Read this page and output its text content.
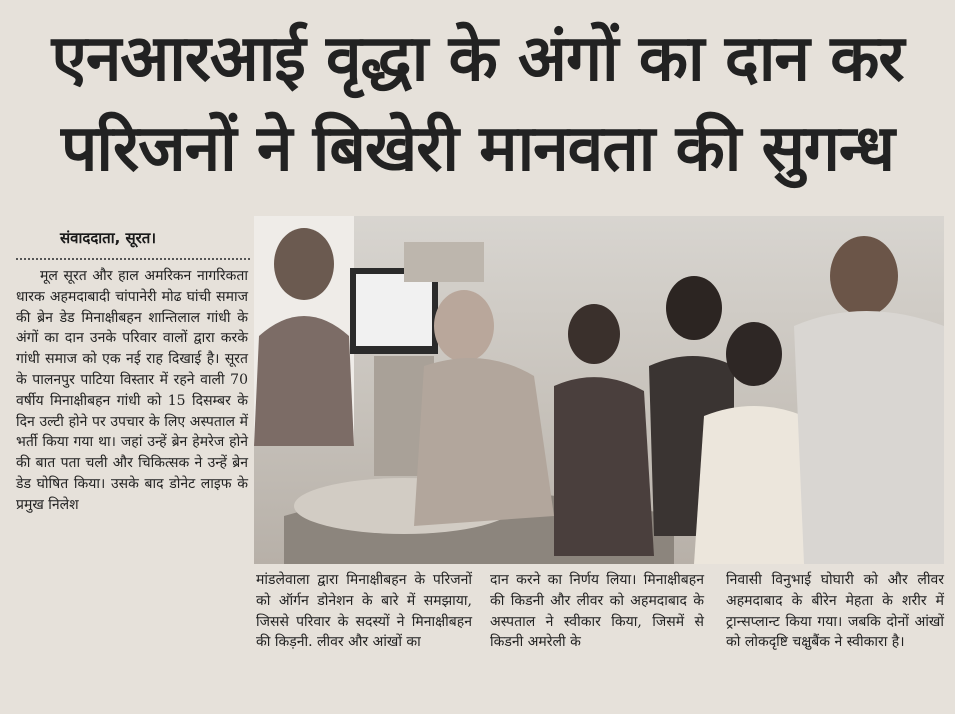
एनआरआई वृद्धा के अंगों का दान कर
परिजनों ने बिखेरी मानवता की सुगन्ध
संवाददाता, सूरत।
मूल सूरत और हाल अमरिकन नागरिकता धारक अहमदाबादी चांपानेरी मोढ घांची समाज की ब्रेन डेड मिनाक्षीबहन शान्तिलाल गांधी के अंगों का दान उनके परिवार वालों द्वारा करके गांधी समाज को एक नई राह दिखाई है। सूरत के पालनपुर पाटिया विस्तार में रहने वाली 70 वर्षीय मिनाक्षीबहन गांधी को 15 दिसम्बर के दिन उल्टी होने पर उपचार के लिए अस्पताल में भर्ती किया गया था। जहां उन्हें ब्रेन हेमरेज होने की बात पता चली और चिकित्सक ने उन्हें ब्रेन डेड घोषित किया। उसके बाद डोनेट लाइफ के प्रमुख निलेश
मांडलेवाला द्वारा मिनाक्षीबहन के परिजनों को ऑर्गन डोनेशन के बारे में समझाया, जिससे परिवार के सदस्यों ने मिनाक्षीबहन की किड़नी. लीवर और आंखों का
दान करने का निर्णय लिया। मिनाक्षीबहन की किडनी और लीवर को अहमदाबाद के अस्पताल ने स्वीकार किया, जिसमें से किडनी अमरेली के
निवासी विनुभाई घोघारी को और लीवर अहमदाबाद के बीरेन मेहता के शरीर में ट्रान्सप्लान्ट किया गया। जबकि दोनों आंखों को लोकदृष्टि चक्षुबैंक ने स्वीकारा है।
